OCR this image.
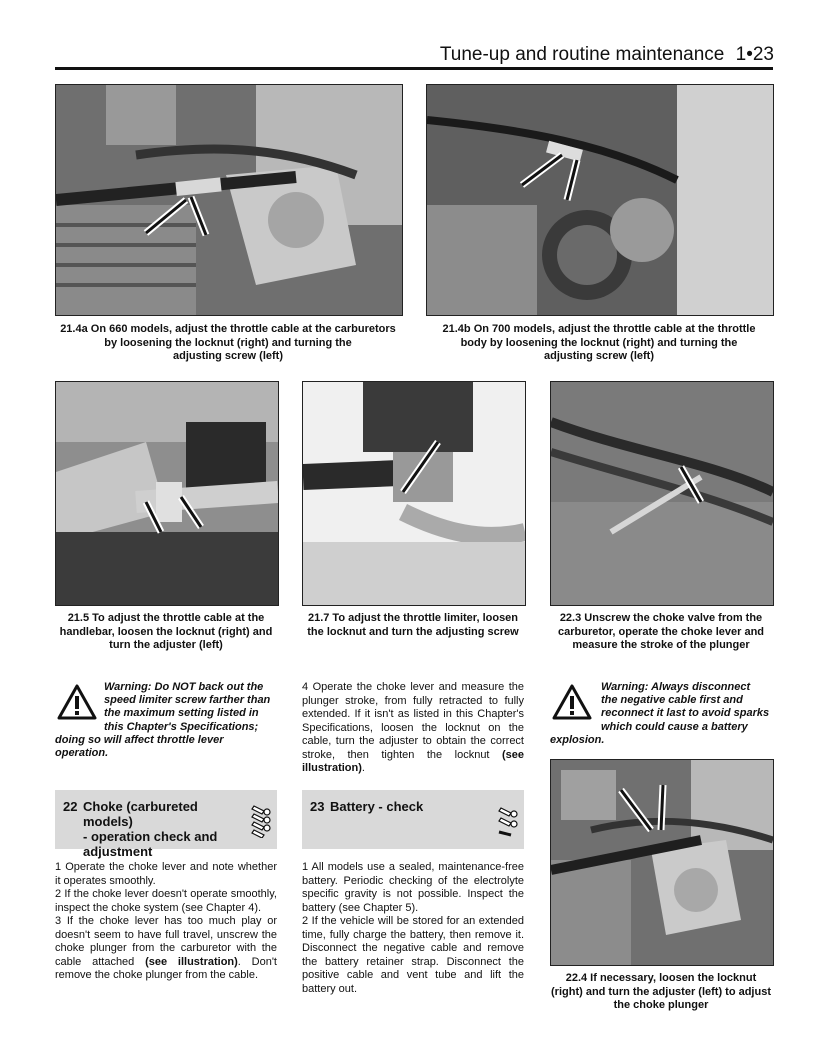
Tune-up and routine maintenance 1•23
21.4a On 660 models, adjust the throttle cable at the carburetors
by loosening the locknut (right) and turning the
adjusting screw (left)
21.4b On 700 models, adjust the throttle cable at the throttle
body by loosening the locknut (right) and turning the
adjusting screw (left)
21.5 To adjust the throttle cable at the
handlebar, loosen the locknut (right) and
turn the adjuster (left)
21.7 To adjust the throttle limiter, loosen
the locknut and turn the adjusting screw
22.3 Unscrew the choke valve from the
carburetor, operate the choke lever and
measure the stroke of the plunger
Warning: Do NOT back out the
speed limiter screw farther than
the maximum setting listed in
this Chapter's Specifications;
doing so will affect throttle lever
operation.

4 Operate the choke lever and measure the plunger stroke, from fully retracted to fully extended. If it isn't as listed in this Chapter's Specifications, loosen the locknut on the cable, turn the adjuster to obtain the correct stroke, then tighten the locknut (see illustration).

Warning: Always disconnect
the negative cable first and
reconnect it last to avoid sparks
which could cause a battery
explosion.
22.4 If necessary, loosen the locknut
(right) and turn the adjuster (left) to adjust
the choke plunger
22 Choke (carbureted models)
- operation check and
adjustment
23 Battery - check

1 Operate the choke lever and note whether it operates smoothly.

2 If the choke lever doesn't operate smoothly, inspect the choke system (see Chapter 4).

3 If the choke lever has too much play or doesn't seem to have full travel, unscrew the choke plunger from the carburetor with the cable attached (see illustration). Don't remove the choke plunger from the cable.

1 All models use a sealed, maintenance-free battery. Periodic checking of the electrolyte specific gravity is not possible. Inspect the battery (see Chapter 5).

2 If the vehicle will be stored for an extended time, fully charge the battery, then remove it. Disconnect the negative cable and remove the battery retainer strap. Disconnect the positive cable and vent tube and lift the battery out.
